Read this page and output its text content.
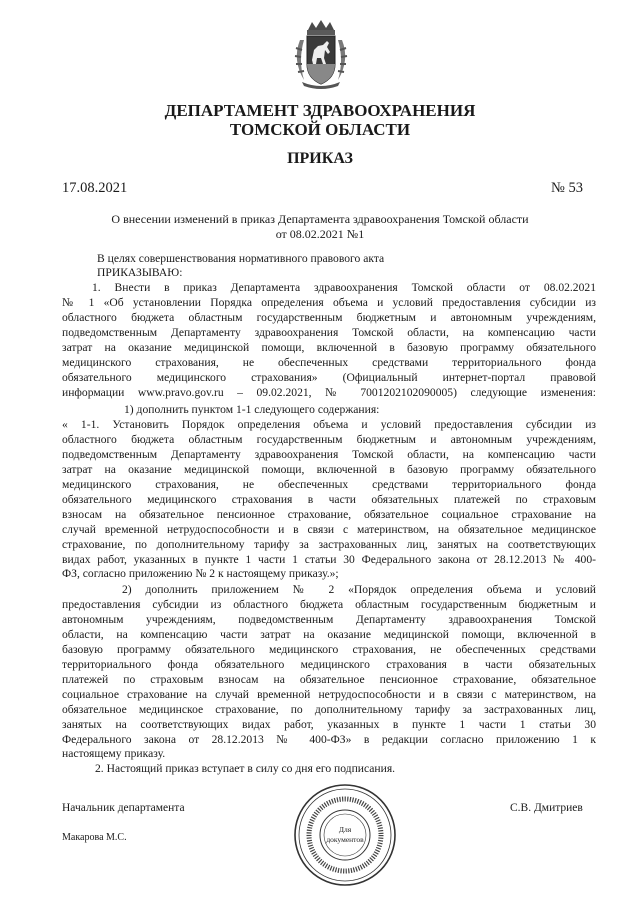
ДЕПАРТАМЕНТ ЗДРАВООХРАНЕНИЯ
ТОМСКОЙ ОБЛАСТИ
ПРИКАЗ
17.08.2021	№ 53
О внесении изменений в приказ Департамента здравоохранения Томской области
от 08.02.2021 №1
В целях совершенствования нормативного правового акта
ПРИКАЗЫВАЮ:
1. Внести в приказ Департамента здравоохранения Томской области от 08.02.2021
№ 1 «Об установлении Порядка определения объема и условий предоставления субсидии из
областного бюджета областным государственным бюджетным и автономным учреждениям,
подведомственным Департаменту здравоохранения Томской области, на компенсацию части
затрат на оказание медицинской помощи, включенной в базовую программу обязательного
медицинского страхования, не обеспеченных средствами территориального фонда
обязательного медицинского страхования» (Официальный интернет-портал правовой
информации www.pravo.gov.ru – 09.02.2021, № 7001202102090005) следующие изменения:
1) дополнить пунктом 1-1 следующего содержания:
« 1-1. Установить Порядок определения объема и условий предоставления субсидии из
областного бюджета областным государственным бюджетным и автономным учреждениям,
подведомственным Департаменту здравоохранения Томской области, на компенсацию части
затрат на оказание медицинской помощи, включенной в базовую программу обязательного
медицинского страхования, не обеспеченных средствами территориального фонда
обязательного медицинского страхования в части обязательных платежей по страховым
взносам на обязательное пенсионное страхование, обязательное социальное страхование на
случай временной нетрудоспособности и в связи с материнством, на обязательное медицинское
страхование, по дополнительному тарифу за застрахованных лиц, занятых на соответствующих
видах работ, указанных в пункте 1 части 1 статьи 30 Федерального закона от 28.12.2013 № 400-
ФЗ, согласно приложению № 2 к настоящему приказу.»;
2) дополнить приложением № 2 «Порядок определения объема и условий
предоставления субсидии из областного бюджета областным государственным бюджетным и
автономным учреждениям, подведомственным Департаменту здравоохранения Томской
области, на компенсацию части затрат на оказание медицинской помощи, включенной в
базовую программу обязательного медицинского страхования, не обеспеченных средствами
территориального фонда обязательного медицинского страхования в части обязательных
платежей по страховым взносам на обязательное пенсионное страхование, обязательное
социальное страхование на случай временной нетрудоспособности и в связи с материнством, на
обязательное медицинское страхование, по дополнительному тарифу за застрахованных лиц,
занятых на соответствующих видах работ, указанных в пункте 1 части 1 статьи 30
Федерального закона от 28.12.2013 № 400-ФЗ» в редакции согласно приложению 1 к
настоящему приказу.
2. Настоящий приказ вступает в силу со дня его подписания.
Начальник департамента	С.В. Дмитриев
Макарова М.С.
Для
документов
